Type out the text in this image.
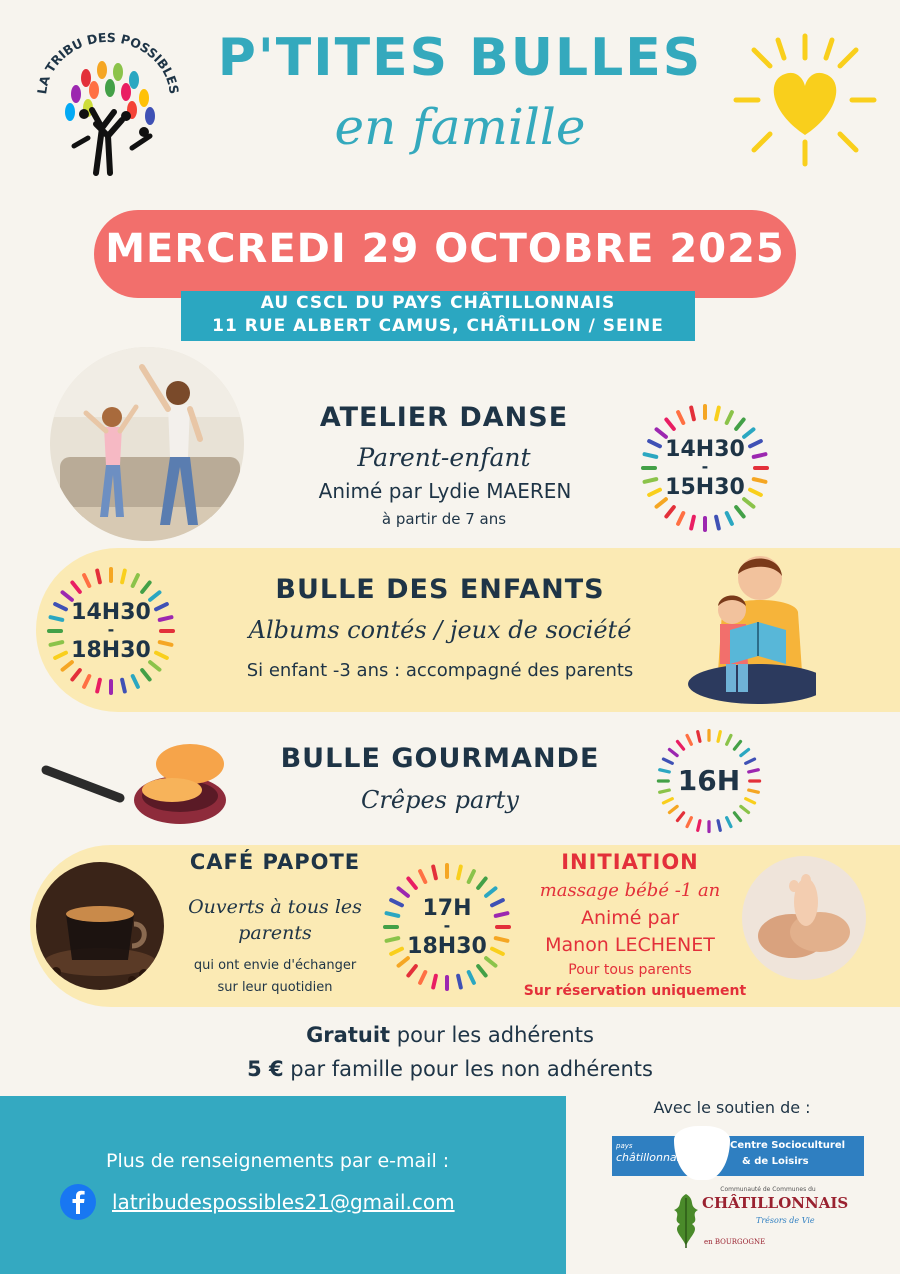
LA TRIBU DES POSSIBLES
P'TITES BULLES
en famille
MERCREDI 29 OCTOBRE 2025
AU CSCL DU PAYS CHÂTILLONNAIS
11 RUE ALBERT CAMUS, CHÂTILLON / SEINE
ATELIER DANSE
Parent-enfant
Animé par Lydie MAEREN
à partir de 7 ans
14H30
-
15H30
14H30
-
18H30
BULLE DES ENFANTS
Albums contés / jeux de société
Si enfant -3 ans : accompagné des parents
BULLE GOURMANDE
Crêpes party
16H
CAFÉ PAPOTE
Ouverts à tous les
parents
qui ont envie d'échanger
sur leur quotidien
17H
-
18H30
INITIATION
massage bébé -1 an
Animé par
Manon LECHENET
Pour tous parents
Sur réservation uniquement
Gratuit pour les adhérents
5 € par famille pour les non adhérents
Plus de renseignements par e-mail :
latribudespossibles21@gmail.com
Avec le soutien de :
pays
châtillonnais
Centre Socioculturel
& de Loisirs
Communauté de Communes du
CHÂTILLONNAIS
Trésors de Vie
en BOURGOGNE
